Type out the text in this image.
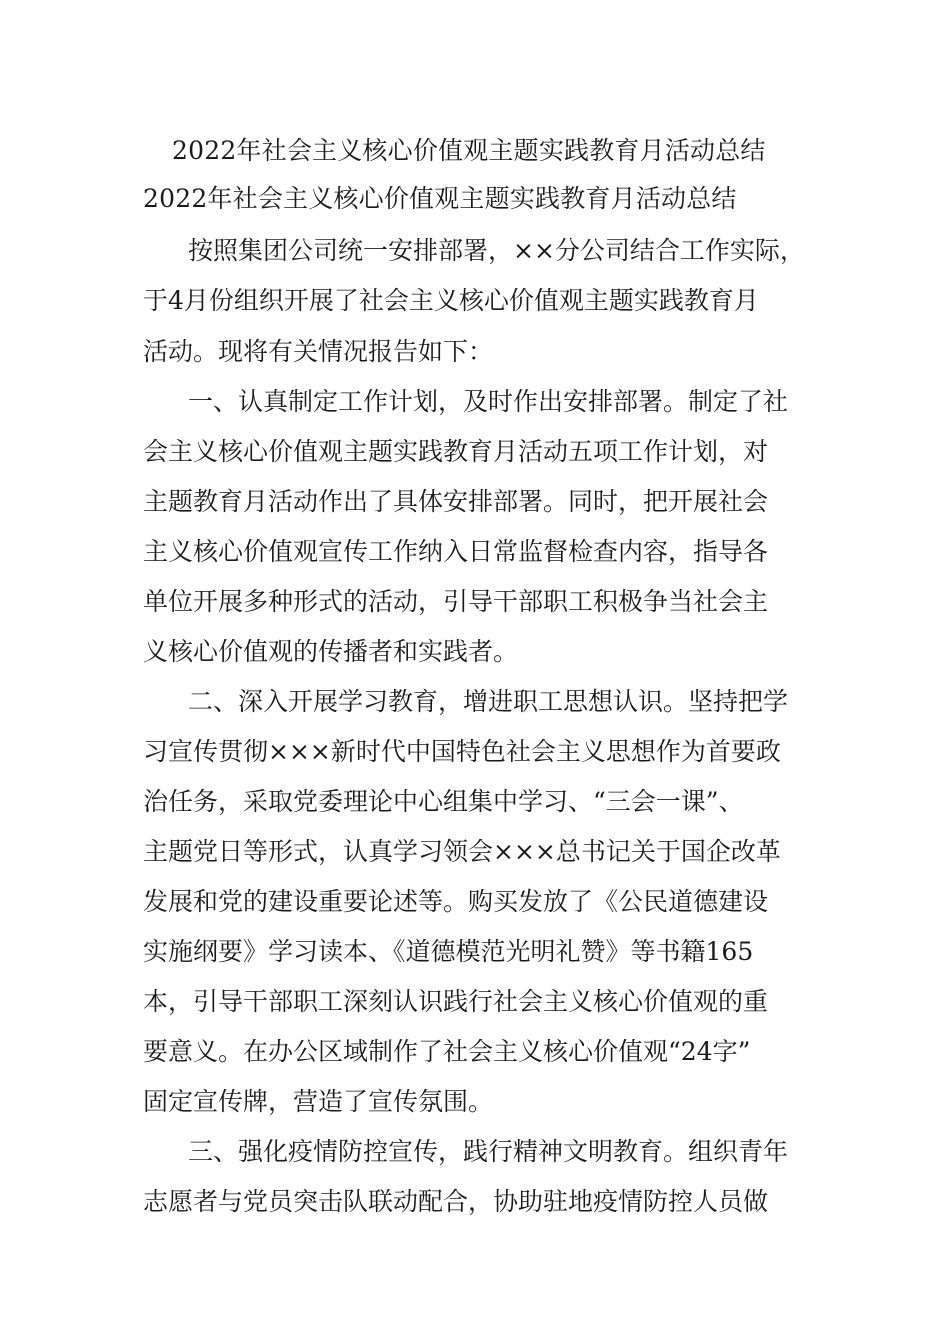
2022年社会主义核心价值观主题实践教育月活动总结
2022年社会主义核心价值观主题实践教育月活动总结
按照集团公司统一安排部署，××分公司结合工作实际，
于4月份组织开展了社会主义核心价值观主题实践教育月
活动。现将有关情况报告如下：
一、认真制定工作计划，及时作出安排部署。制定了社
会主义核心价值观主题实践教育月活动五项工作计划，对
主题教育月活动作出了具体安排部署。同时，把开展社会
主义核心价值观宣传工作纳入日常监督检查内容，指导各
单位开展多种形式的活动，引导干部职工积极争当社会主
义核心价值观的传播者和实践者。
二、深入开展学习教育，增进职工思想认识。坚持把学
习宣传贯彻×××新时代中国特色社会主义思想作为首要政
治任务，采取党委理论中心组集中学习、“三会一课”、
主题党日等形式，认真学习领会×××总书记关于国企改革
发展和党的建设重要论述等。购买发放了《公民道德建设
实施纲要》学习读本、《道德模范光明礼赞》等书籍165
本，引导干部职工深刻认识践行社会主义核心价值观的重
要意义。在办公区域制作了社会主义核心价值观“24字”
固定宣传牌，营造了宣传氛围。
三、强化疫情防控宣传，践行精神文明教育。组织青年
志愿者与党员突击队联动配合，协助驻地疫情防控人员做
